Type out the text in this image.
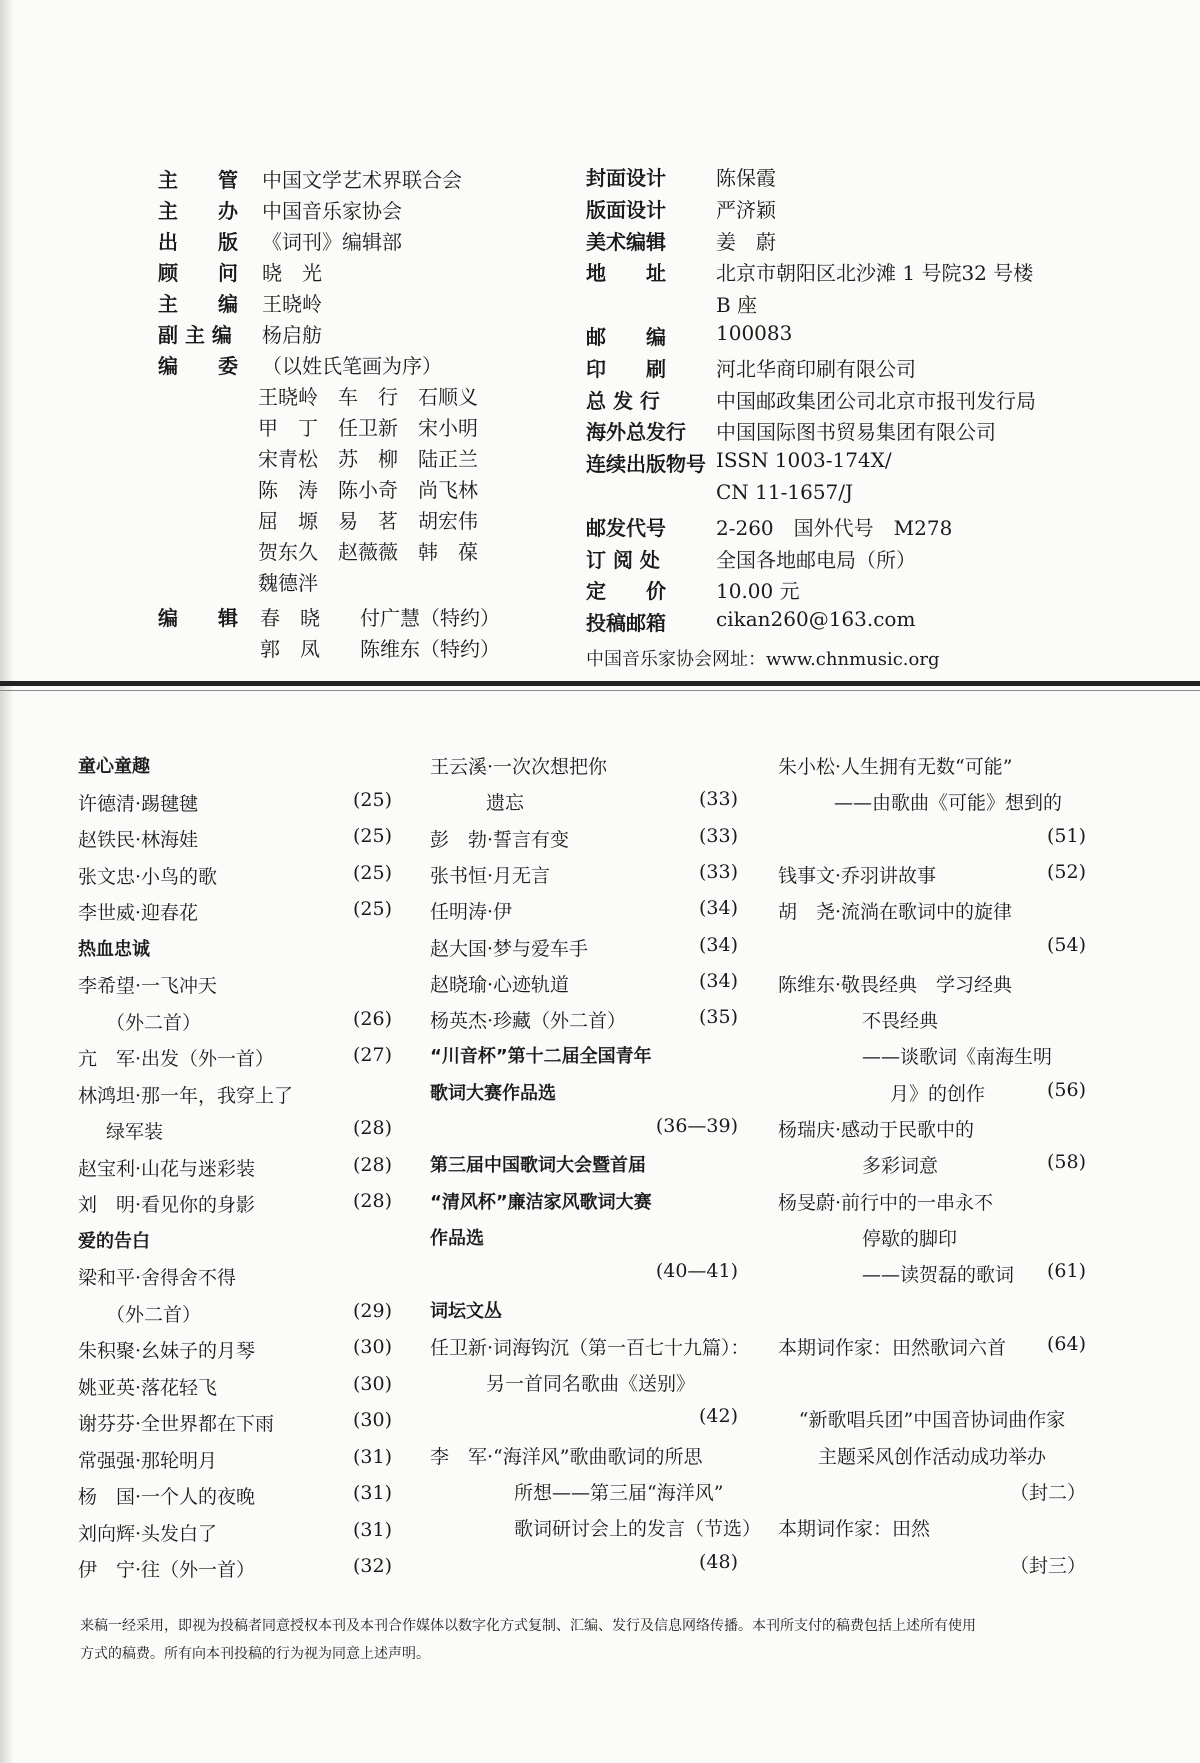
主　　管	中国文学艺术界联合会
主　　办	中国音乐家协会
出　　版	《词刊》编辑部
顾　　问	晓　光
主　　编	王晓岭
副 主 编	杨启舫
编　　委	（以姓氏笔画为序）
王晓岭　车　行　石顺义
甲　丁　任卫新　宋小明
宋青松　苏　柳　陆正兰
陈　涛　陈小奇　尚飞林
屈　塬　易　茗　胡宏伟
贺东久　赵薇薇　韩　葆
魏德泮
编　　辑 春　晓　　付广慧（特约）
郭　凤　　陈维东（特约）
封面设计	陈保霞
版面设计	严济颖
美术编辑	姜　蔚
地　　址	北京市朝阳区北沙滩 1 号院32 号楼
B 座
邮　　编	100083
印　　刷	河北华商印刷有限公司
总 发 行	中国邮政集团公司北京市报刊发行局
海外总发行 中国国际图书贸易集团有限公司
连续出版物号 ISSN 1003-174X/
CN 11-1657/J
邮发代号	2-260　国外代号　M278
订 阅 处	全国各地邮电局（所）
定　　价	10.00 元
投稿邮箱	cikan260@163.com
中国音乐家协会网址：www.chnmusic.org
童心童趣
许德清·踢毽毽	(25)
赵铁民·林海娃	(25)
张文忠·小鸟的歌	(25)
李世威·迎春花	(25)
热血忠诚
李希望·一飞冲天
（外二首）	(26)
亢　军·出发（外一首）	(27)
林鸿坦·那一年，我穿上了
绿军装	(28)
赵宝利·山花与迷彩装	(28)
刘　明·看见你的身影	(28)
爱的告白
梁和平·舍得舍不得
（外二首）	(29)
朱积聚·幺妹子的月琴	(30)
姚亚英·落花轻飞	(30)
谢芬芬·全世界都在下雨	(30)
常强强·那轮明月	(31)
杨　国·一个人的夜晚	(31)
刘向辉·头发白了	(31)
伊　宁·往（外一首）	(32)
王云溪·一次次想把你
遗忘	(33)
彭　勃·誓言有变	(33)
张书恒·月无言	(33)
任明涛·伊	(34)
赵大国·梦与爱车手	(34)
赵晓瑜·心迹轨道	(34)
杨英杰·珍藏（外二首）	(35)
“川音杯”第十二届全国青年
歌词大赛作品选
(36—39)
第三届中国歌词大会暨首届
“清风杯”廉洁家风歌词大赛
作品选
(40—41)
词坛文丛
任卫新·词海钩沉（第一百七十九篇）：
另一首同名歌曲《送别》
(42)
李　军·“海洋风”歌曲歌词的所思
所想——第三届“海洋风”
歌词研讨会上的发言（节选）
(48)
朱小松·人生拥有无数“可能”
——由歌曲《可能》想到的
(51)
钱事文·乔羽讲故事	(52)
胡　尧·流淌在歌词中的旋律
(54)
陈维东·敬畏经典　学习经典
不畏经典
——谈歌词《南海生明
月》的创作	(56)
杨瑞庆·感动于民歌中的
多彩词意	(58)
杨旻蔚·前行中的一串永不
停歇的脚印
——读贺磊的歌词	(61)
本期词作家：田然歌词六首	(64)
“新歌唱兵团”中国音协词曲作家
主题采风创作活动成功举办
（封二）
本期词作家：田然
（封三）
来稿一经采用，即视为投稿者同意授权本刊及本刊合作媒体以数字化方式复制、汇编、发行及信息网络传播。本刊所支付的稿费包括上述所有使用
方式的稿费。所有向本刊投稿的行为视为同意上述声明。
